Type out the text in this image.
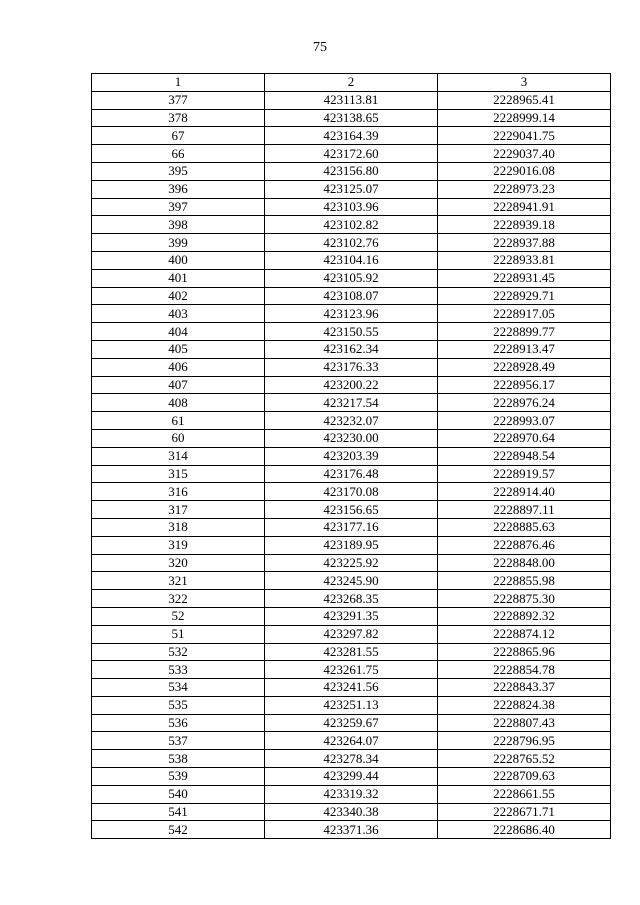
75
1	2	3
377	423113.81	2228965.41
378	423138.65	2228999.14
67	423164.39	2229041.75
66	423172.60	2229037.40
395	423156.80	2229016.08
396	423125.07	2228973.23
397	423103.96	2228941.91
398	423102.82	2228939.18
399	423102.76	2228937.88
400	423104.16	2228933.81
401	423105.92	2228931.45
402	423108.07	2228929.71
403	423123.96	2228917.05
404	423150.55	2228899.77
405	423162.34	2228913.47
406	423176.33	2228928.49
407	423200.22	2228956.17
408	423217.54	2228976.24
61	423232.07	2228993.07
60	423230.00	2228970.64
314	423203.39	2228948.54
315	423176.48	2228919.57
316	423170.08	2228914.40
317	423156.65	2228897.11
318	423177.16	2228885.63
319	423189.95	2228876.46
320	423225.92	2228848.00
321	423245.90	2228855.98
322	423268.35	2228875.30
52	423291.35	2228892.32
51	423297.82	2228874.12
532	423281.55	2228865.96
533	423261.75	2228854.78
534	423241.56	2228843.37
535	423251.13	2228824.38
536	423259.67	2228807.43
537	423264.07	2228796.95
538	423278.34	2228765.52
539	423299.44	2228709.63
540	423319.32	2228661.55
541	423340.38	2228671.71
542	423371.36	2228686.40
